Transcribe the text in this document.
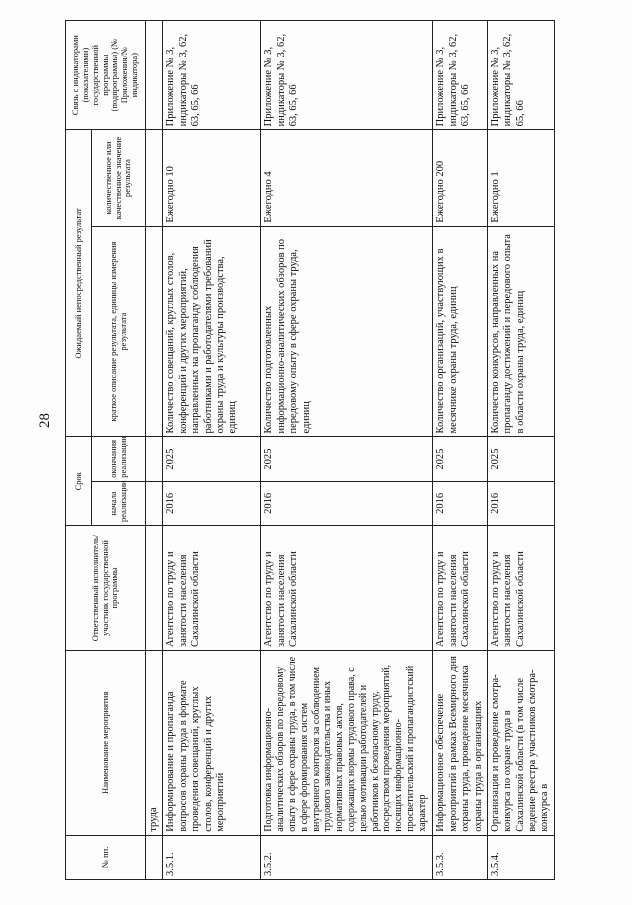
28
№ пп.	Наименование мероприятия	Ответственный исполнитель/участник государственной программы	Срок		Ожидаемый непосредственный результат		Связь с индикаторами (показателями) государственной программы (подпрограммы) (№ Приложения/№ индикатора)
			начала реализации	окончания реализации	краткое описание результата, единицы измерения результата	количественное или качественное значение результата	
	труда						
3.5.1.	Информирование и пропаганда вопросов охраны труда в формате проведения совещаний, круглых столов, конференций и других мероприятий	Агентство по труду и занятости населения Сахалинской области	2016	2025	Количество совещаний, круглых столов, конференций и других мероприятий, направленных на пропаганду соблюдения работниками и работодателями требований охраны труда и культуры производства, единиц	Ежегодно 10	Приложение № 3, индикаторы № 3, 62, 63, 65, 66
3.5.2.	Подготовка информационно-аналитических обзоров по передовому опыту в сфере охраны труда, в том числе в сфере формирования систем внутреннего контроля за соблюдением трудового законодательства и иных нормативных правовых актов, содержащих нормы трудового права, с целью мотивации работодателей и работников к безопасному труду, посредством проведения мероприятий, носящих информационно-просветительский и пропагандистский характер	Агентство по труду и занятости населения Сахалинской области	2016	2025	Количество подготовленных информационно-аналитических обзоров по передовому опыту в сфере охраны труда, единиц	Ежегодно 4	Приложение № 3, индикаторы № 3, 62, 63, 65, 66
3.5.3.	Информационное обеспечение мероприятий в рамках Всемирного дня охраны труда, проведение месячника охраны труда в организациях	Агентство по труду и занятости населения Сахалинской области	2016	2025	Количество организаций, участвующих в месячнике охраны труда, единиц	Ежегодно 200	Приложение № 3, индикаторы № 3, 62, 63, 65, 66
3.5.4.	Организация и проведение смотра-конкурса по охране труда в Сахалинской области (в том числе ведение реестра участников смотра-конкурса в	Агентство по труду и занятости населения Сахалинской области	2016	2025	Количество конкурсов, направленных на пропаганду достижений и передового опыта в области охраны труда, единиц	Ежегодно 1	Приложение № 3, индикаторы № 3, 62, 65, 66
